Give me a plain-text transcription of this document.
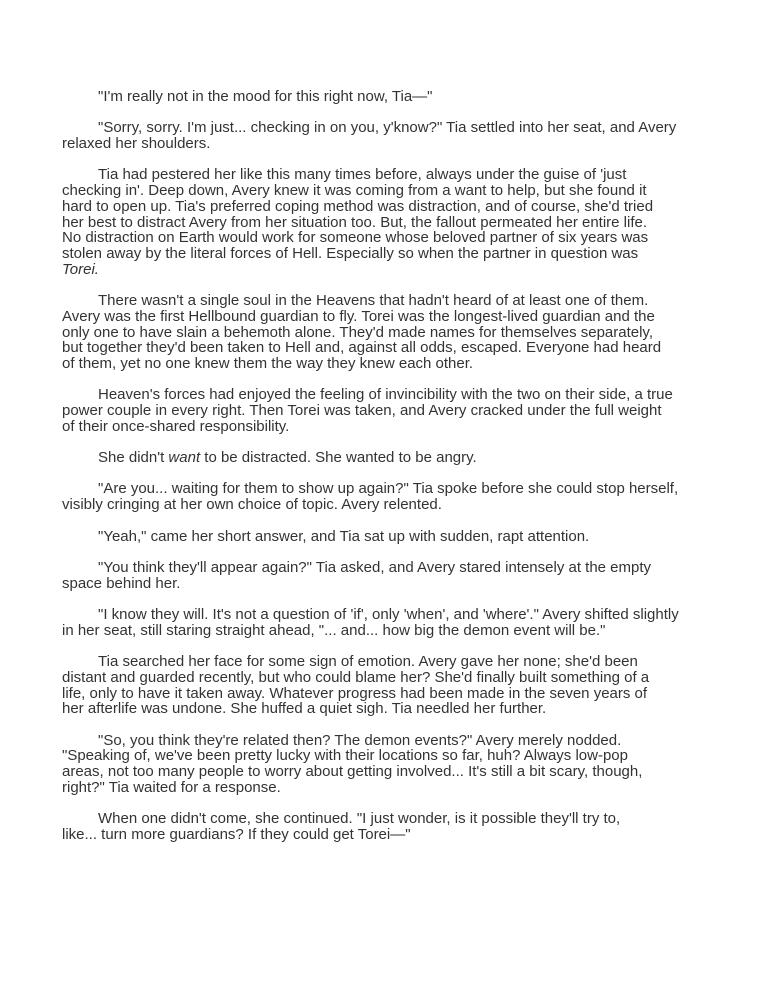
"I'm really not in the mood for this right now, Tia—"

"Sorry, sorry. I'm just... checking in on you, y'know?" Tia settled into her seat, and Avery
relaxed her shoulders.

Tia had pestered her like this many times before, always under the guise of 'just
checking in'. Deep down, Avery knew it was coming from a want to help, but she found it
hard to open up. Tia's preferred coping method was distraction, and of course, she'd tried
her best to distract Avery from her situation too. But, the fallout permeated her entire life.
No distraction on Earth would work for someone whose beloved partner of six years was
stolen away by the literal forces of Hell. Especially so when the partner in question was
Torei.

There wasn't a single soul in the Heavens that hadn't heard of at least one of them.
Avery was the first Hellbound guardian to fly. Torei was the longest-lived guardian and the
only one to have slain a behemoth alone. They'd made names for themselves separately,
but together they'd been taken to Hell and, against all odds, escaped. Everyone had heard
of them, yet no one knew them the way they knew each other.

Heaven's forces had enjoyed the feeling of invincibility with the two on their side, a true
power couple in every right. Then Torei was taken, and Avery cracked under the full weight
of their once-shared responsibility.

She didn't want to be distracted. She wanted to be angry.

"Are you... waiting for them to show up again?" Tia spoke before she could stop herself,
visibly cringing at her own choice of topic. Avery relented.

"Yeah," came her short answer, and Tia sat up with sudden, rapt attention.

"You think they'll appear again?" Tia asked, and Avery stared intensely at the empty
space behind her.

"I know they will. It's not a question of 'if', only 'when', and 'where'." Avery shifted slightly
in her seat, still staring straight ahead, "... and... how big the demon event will be."

Tia searched her face for some sign of emotion. Avery gave her none; she'd been
distant and guarded recently, but who could blame her? She'd finally built something of a
life, only to have it taken away. Whatever progress had been made in the seven years of
her afterlife was undone. She huffed a quiet sigh. Tia needled her further.

"So, you think they're related then? The demon events?" Avery merely nodded.
"Speaking of, we've been pretty lucky with their locations so far, huh? Always low-pop
areas, not too many people to worry about getting involved... It's still a bit scary, though,
right?" Tia waited for a response.

When one didn't come, she continued. "I just wonder, is it possible they'll try to,
like... turn more guardians? If they could get Torei—"
